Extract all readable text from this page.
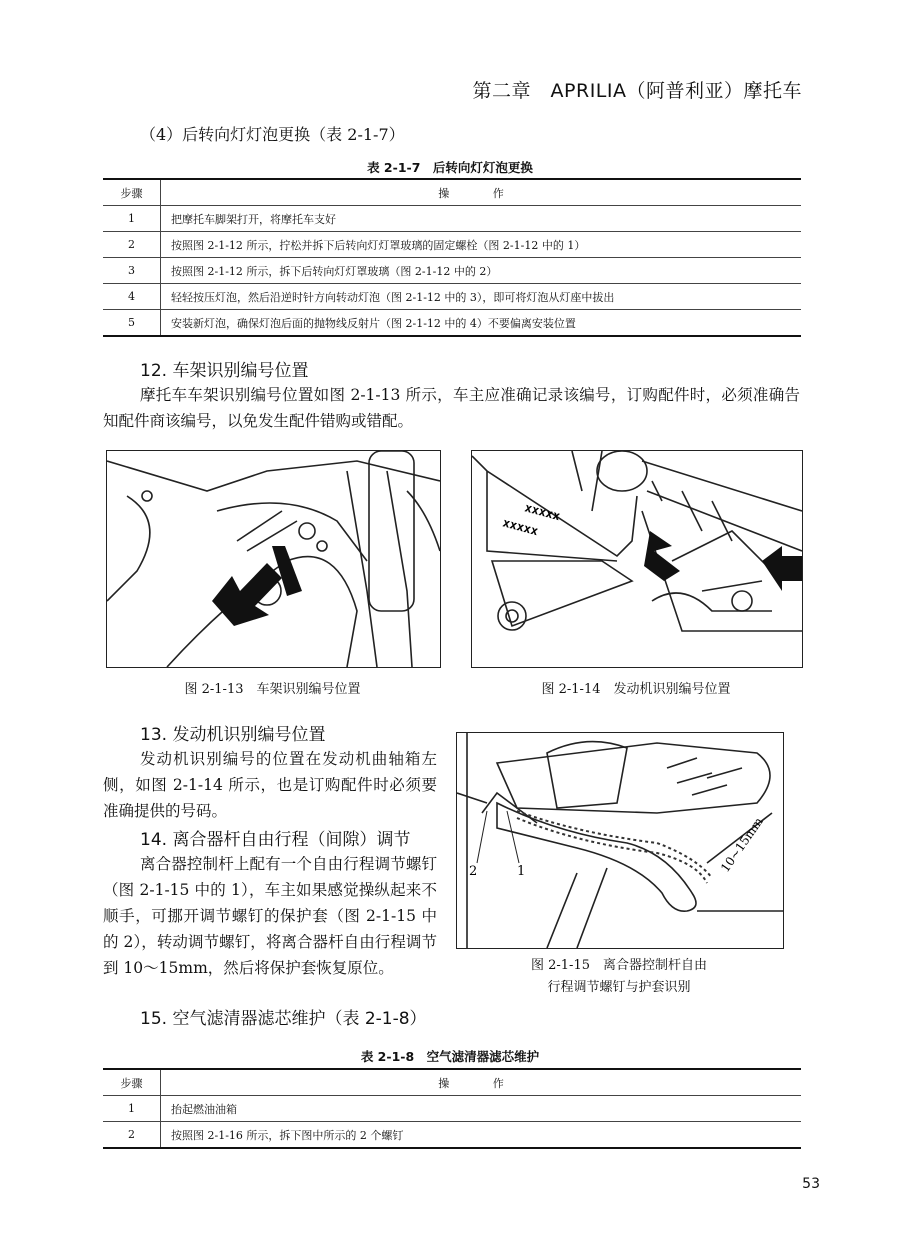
第二章　APRILIA（阿普利亚）摩托车
（4）后转向灯灯泡更换（表 2-1-7）
表 2-1-7　后转向灯灯泡更换
步骤	操 作
1	把摩托车脚架打开，将摩托车支好
2	按照图 2-1-12 所示，拧松并拆下后转向灯灯罩玻璃的固定螺栓（图 2-1-12 中的 1）
3	按照图 2-1-12 所示，拆下后转向灯灯罩玻璃（图 2-1-12 中的 2）
4	轻轻按压灯泡，然后沿逆时针方向转动灯泡（图 2-1-12 中的 3），即可将灯泡从灯座中拔出
5	安装新灯泡，确保灯泡后面的抛物线反射片（图 2-1-12 中的 4）不要偏离安装位置
12. 车架识别编号位置

摩托车车架识别编号位置如图 2-1-13 所示，车主应准确记录该编号，订购配件时，必须准确告知配件商该编号，以免发生配件错购或错配。

图 2-1-13　车架识别编号位置
xxxxx
xxxxx
图 2-1-14　发动机识别编号位置
13. 发动机识别编号位置

发动机识别编号的位置在发动机曲轴箱左侧，如图 2-1-14 所示，也是订购配件时必须要准确提供的号码。

14. 离合器杆自由行程（间隙）调节

离合器控制杆上配有一个自由行程调节螺钉（图 2-1-15 中的 1），车主如果感觉操纵起来不顺手，可挪开调节螺钉的保护套（图 2-1-15 中的 2），转动调节螺钉，将离合器杆自由行程调节到 10～15mm，然后将保护套恢复原位。

2	1	10~15mm
图 2-1-15　离合器控制杆自由
行程调节螺钉与护套识别
15. 空气滤清器滤芯维护（表 2-1-8）
表 2-1-8　空气滤清器滤芯维护
步骤	操 作
1	抬起燃油油箱
2	按照图 2-1-16 所示，拆下图中所示的 2 个螺钉
53
